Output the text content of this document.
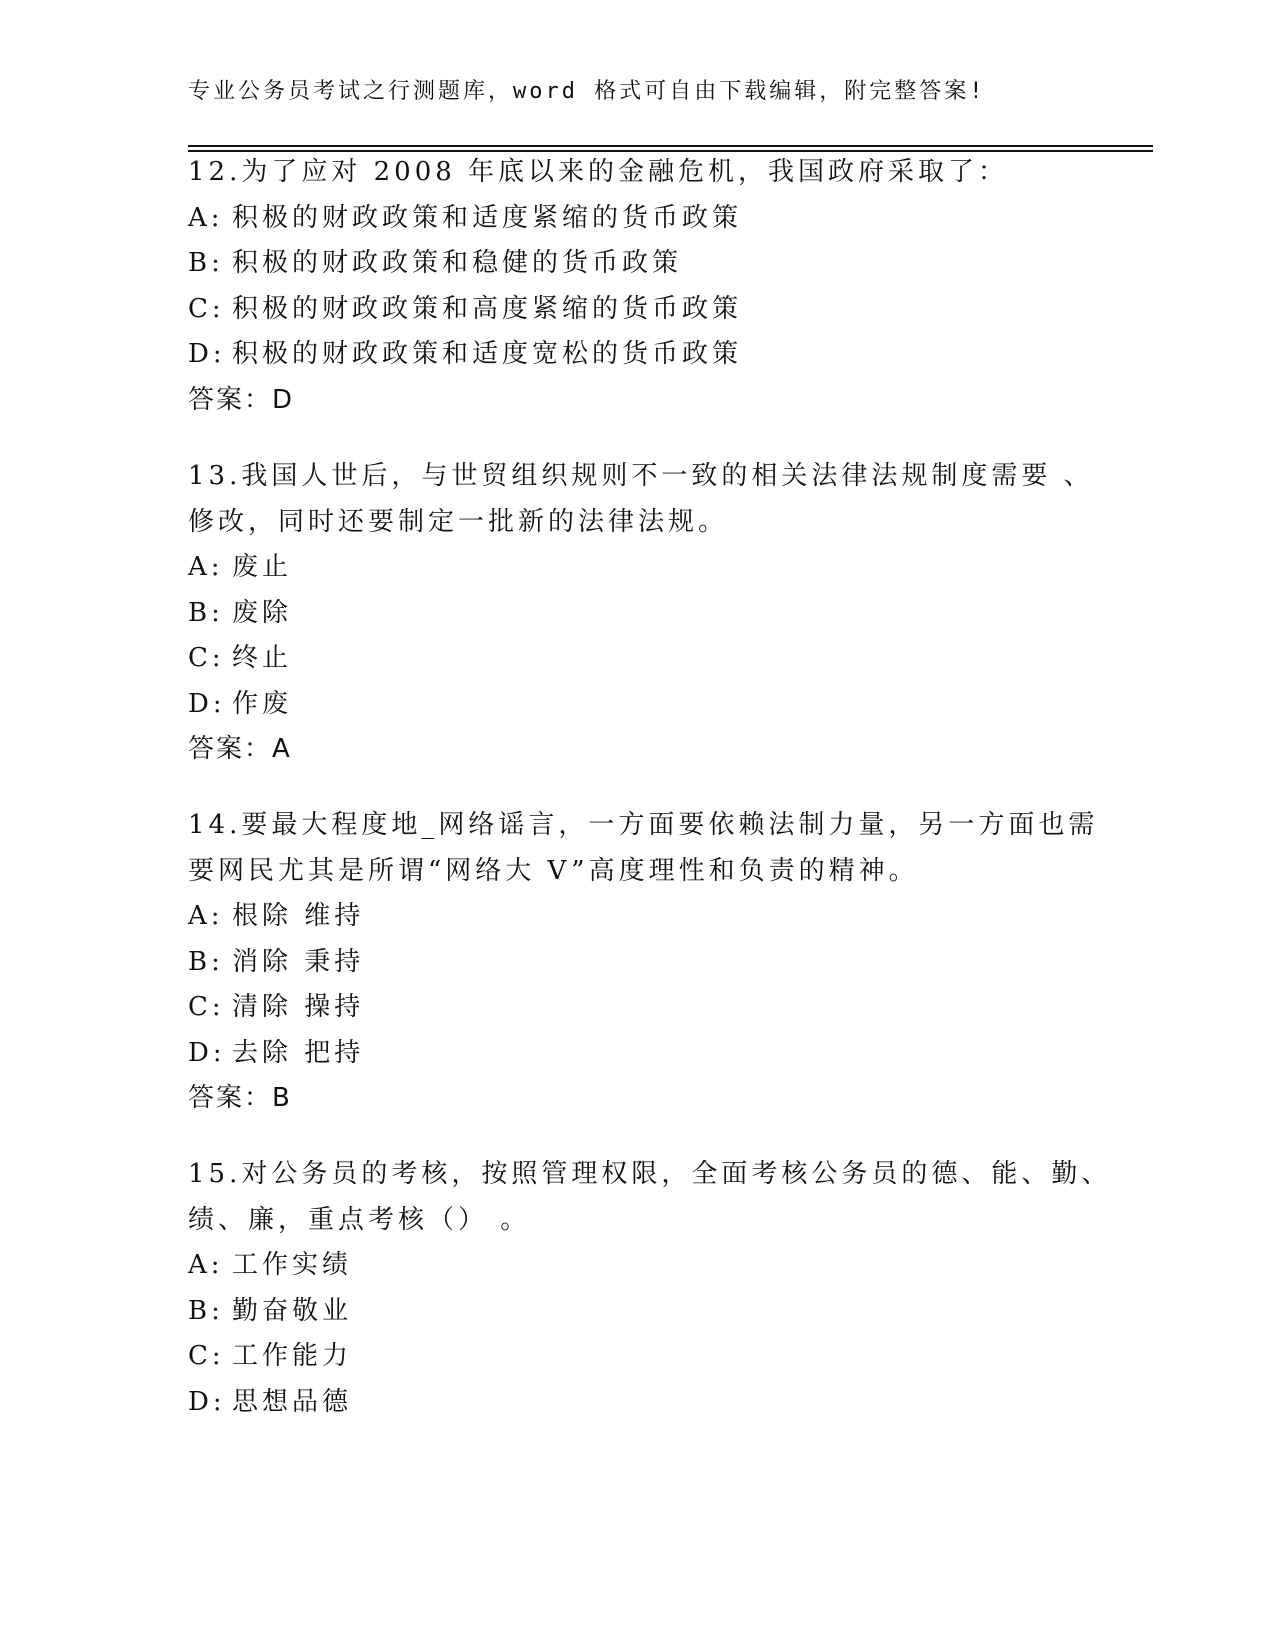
专业公务员考试之行测题库，word 格式可自由下载编辑，附完整答案!
12.为了应对 2008 年底以来的金融危机，我国政府采取了：
A: 积极的财政政策和适度紧缩的货币政策
B: 积极的财政政策和稳健的货币政策
C: 积极的财政政策和高度紧缩的货币政策
D: 积极的财政政策和适度宽松的货币政策
答案：D
13.我国人世后，与世贸组织规则不一致的相关法律法规制度需要 、
修改，同时还要制定一批新的法律法规。
A: 废止
B: 废除
C: 终止
D: 作废
答案：A
14.要最大程度地_网络谣言，一方面要依赖法制力量，另一方面也需
要网民尤其是所谓“网络大 V”高度理性和负责的精神。
A: 根除 维持
B: 消除 秉持
C: 清除 操持
D: 去除 把持
答案：B
15.对公务员的考核，按照管理权限，全面考核公务员的德、能、勤、
绩、廉，重点考核（） 。
A: 工作实绩
B: 勤奋敬业
C: 工作能力
D: 思想品德
